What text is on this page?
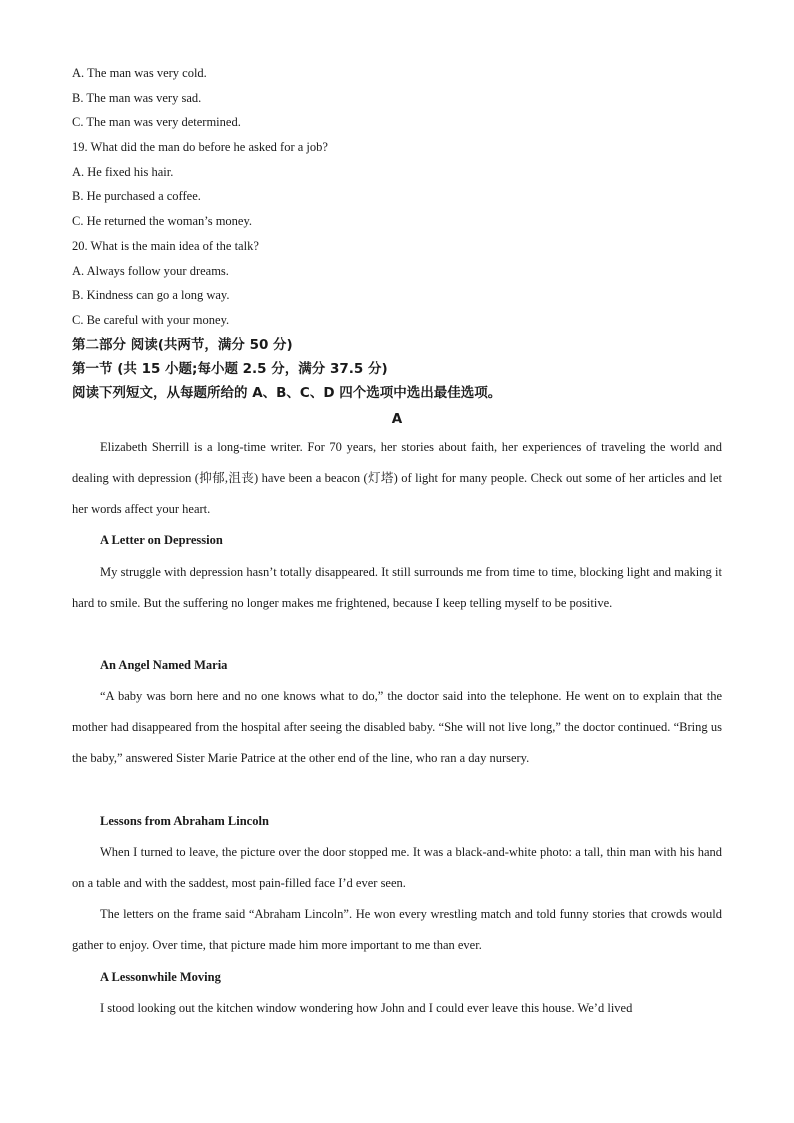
A. The man was very cold.
B. The man was very sad.
C. The man was very determined.
19. What did the man do before he asked for a job?
A. He fixed his hair.
B. He purchased a coffee.
C. He returned the woman’s money.
20. What is the main idea of the talk?
A. Always follow your dreams.
B. Kindness can go a long way.
C. Be careful with your money.
第二部分 阅读(共两节，满分 50 分)
第一节 (共 15 小题;每小题 2.5 分，满分 37.5 分)
阅读下列短文，从每题所给的 A、B、C、D 四个选项中选出最佳选项。
A
Elizabeth Sherrill is a long-time writer. For 70 years, her stories about faith, her experiences of traveling the world and dealing with depression (抑郁,沮丧) have been a beacon (灯塔) of light for many people. Check out some of her articles and let her words affect your heart.
A Letter on Depression
My struggle with depression hasn’t totally disappeared. It still surrounds me from time to time, blocking light and making it hard to smile. But the suffering no longer makes me frightened, because I keep telling myself to be positive.
An Angel Named Maria
“A baby was born here and no one knows what to do,” the doctor said into the telephone. He went on to explain that the mother had disappeared from the hospital after seeing the disabled baby. “She will not live long,” the doctor continued. “Bring us the baby,” answered Sister Marie Patrice at the other end of the line, who ran a day nursery.
Lessons from Abraham Lincoln
When I turned to leave, the picture over the door stopped me. It was a black-and-white photo: a tall, thin man with his hand on a table and with the saddest, most pain-filled face I’d ever seen.
The letters on the frame said “Abraham Lincoln”. He won every wrestling match and told funny stories that crowds would gather to enjoy. Over time, that picture made him more important to me than ever.
A Lessonwhile Moving
I stood looking out the kitchen window wondering how John and I could ever leave this house. We’d lived
